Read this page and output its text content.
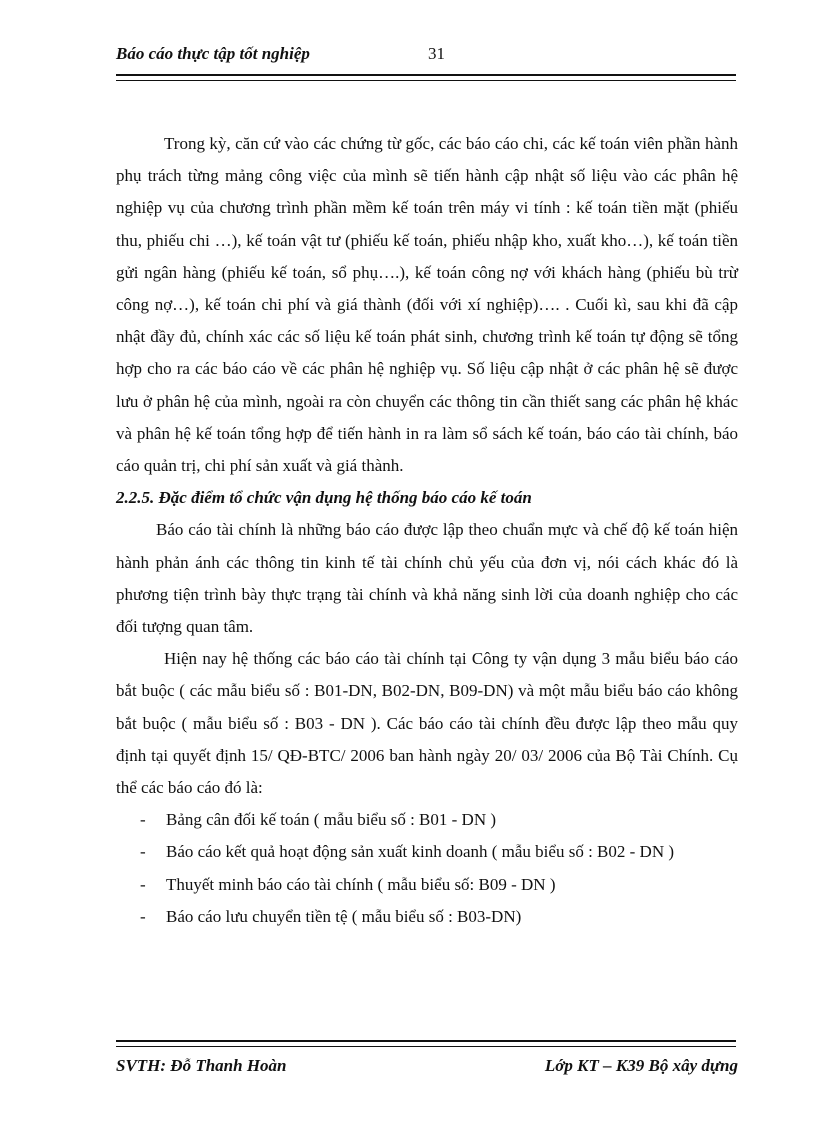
Báo cáo thực tập tốt nghiệp	31

Trong kỳ, căn cứ vào các chứng từ gốc, các báo cáo chi, các kế toán viên phần hành phụ trách từng mảng công việc của mình sẽ tiến hành cập nhật số liệu vào các phân hệ nghiệp vụ của chương trình phần mềm kế toán trên máy vi tính : kế toán tiền mặt (phiếu thu, phiếu chi …), kế toán vật tư (phiếu kế toán, phiếu nhập kho, xuất kho…), kế toán tiền gửi ngân hàng (phiếu kế toán, sổ phụ….), kế toán công nợ với khách hàng (phiếu bù trừ công nợ…), kế toán chi phí và giá thành (đối với xí nghiệp)…. . Cuối kì, sau khi đã cập nhật đầy đủ, chính xác các số liệu kế toán phát sinh, chương trình kế toán tự động sẽ tổng hợp cho ra các báo cáo về các phân hệ nghiệp vụ. Số liệu cập nhật ở các phân hệ sẽ được lưu ở phân hệ của mình, ngoài ra còn chuyển các thông tin cần thiết sang các phân hệ khác và phân hệ kế toán tổng hợp để tiến hành in ra làm sổ sách kế toán, báo cáo tài chính, báo cáo quản trị, chi phí sản xuất và giá thành.

2.2.5. Đặc điểm tổ chức vận dụng hệ thống báo cáo kế toán

Báo cáo tài chính là những báo cáo được lập theo chuẩn mực và chế độ kế toán hiện hành phản ánh các thông tin kinh tế tài chính chủ yếu của đơn vị, nói cách khác đó là phương tiện trình bày thực trạng tài chính và khả năng sinh lời của doanh nghiệp cho các đối tượng quan tâm.

Hiện nay hệ thống các báo cáo tài chính tại Công ty vận dụng 3 mẫu biểu báo cáo bắt buộc ( các mẫu biểu số : B01-DN, B02-DN, B09-DN) và một mẫu biểu báo cáo không bắt buộc ( mẫu biểu số : B03 - DN ). Các báo cáo tài chính đều được lập theo mẫu quy định tại quyết định 15/ QĐ-BTC/ 2006 ban hành ngày 20/ 03/ 2006 của Bộ Tài Chính. Cụ thể các báo cáo đó là:

- Bảng cân đối kế toán ( mẫu biểu số : B01 - DN )
- Báo cáo kết quả hoạt động sản xuất kinh doanh ( mẫu biểu số : B02 - DN )
- Thuyết minh báo cáo tài chính ( mẫu biểu số: B09 - DN )
- Báo cáo lưu chuyển tiền tệ ( mẫu biểu số : B03-DN)
SVTH: Đỗ Thanh Hoàn	Lớp KT – K39 Bộ xây dựng
